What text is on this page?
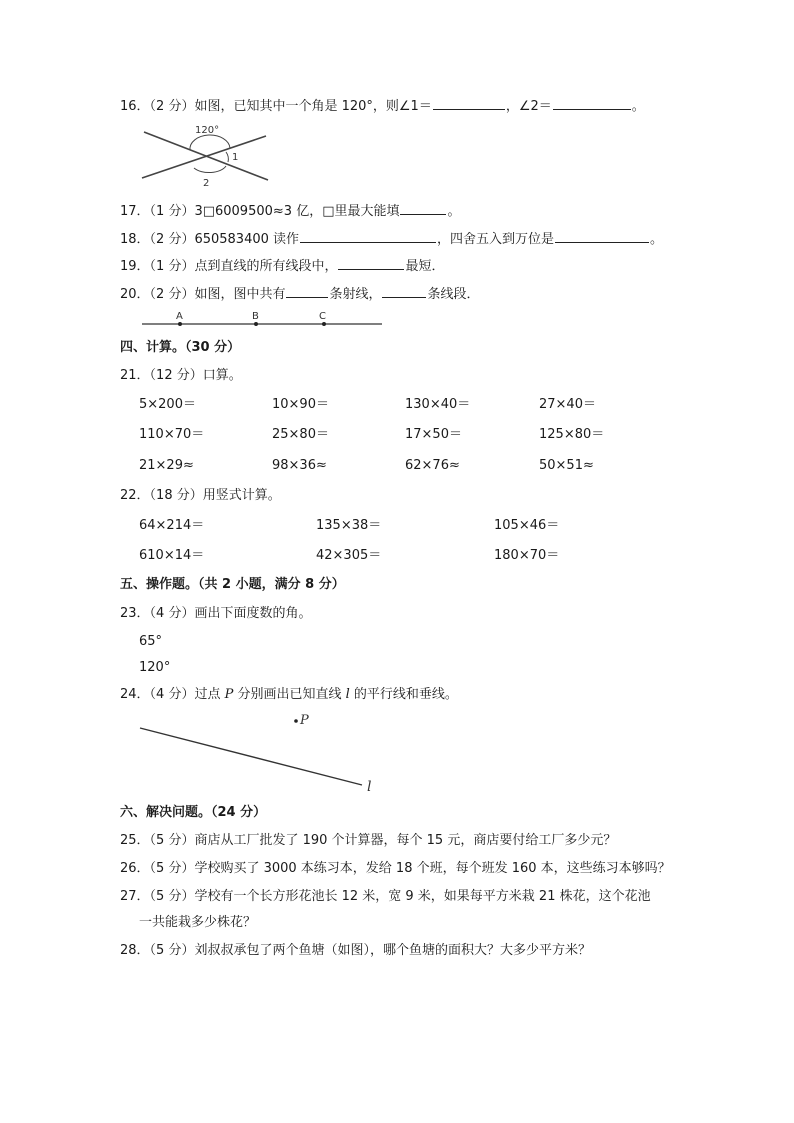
16．（2 分）如图，已知其中一个角是 120°，则∠1＝	，∠2＝	。
120°
1
2
17．（1 分）3□6009500≈3 亿，□里最大能填	。
18．（2 分）650583400 读作	，四舍五入到万位是	。
19．（1 分）点到直线的所有线段中，	最短．
20．（2 分）如图，图中共有	条射线，	条线段．
A	B	C
四、计算。（30 分）
21．（12 分）口算。
5×200＝	10×90＝	130×40＝	27×40＝
110×70＝	25×80＝	17×50＝	125×80＝
21×29≈	98×36≈	62×76≈	50×51≈
22．（18 分）用竖式计算。
64×214＝	135×38＝	105×46＝
610×14＝	42×305＝	180×70＝
五、操作题。（共 2 小题，满分 8 分）
23．（4 分）画出下面度数的角。
65°
120°
24．（4 分）过点 P 分别画出已知直线 l 的平行线和垂线。
P
l
六、解决问题。（24 分）
25．（5 分）商店从工厂批发了 190 个计算器，每个 15 元，商店要付给工厂多少元？
26．（5 分）学校购买了 3000 本练习本，发给 18 个班，每个班发 160 本，这些练习本够吗？
27．（5 分）学校有一个长方形花池长 12 米，宽 9 米，如果每平方米栽 21 株花，这个花池
一共能栽多少株花？
28．（5 分）刘叔叔承包了两个鱼塘（如图），哪个鱼塘的面积大？大多少平方米？
